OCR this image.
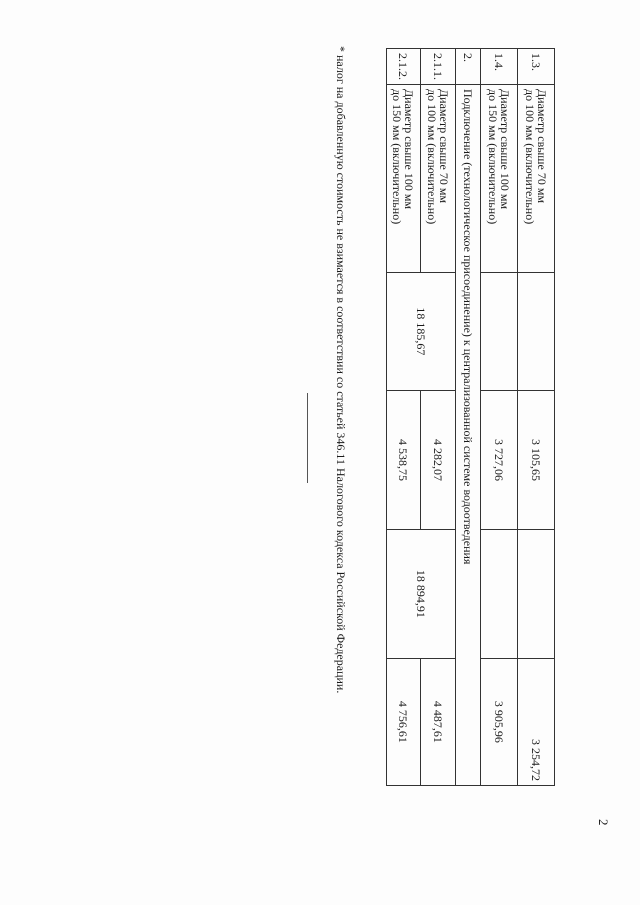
2
1.3.	Диаметр свыше 70 мм
до 100 мм (включительно)		3 105,65		3 254,72
1.4.	Диаметр свыше 100 мм
до 150 мм (включительно)		3 727,06		3 905,96
2.	Подключение (технологическое присоединение) к централизованной системе водоотведения				
2.1.1.	Диаметр свыше 70 мм
до 100 мм (включительно)	18 185,67	4 282,07	18 894,91	4 487,61
2.1.2.	Диаметр свыше 100 мм
до 150 мм (включительно)		4 538,75		4 756,61
* налог на добавленную стоимость не взимается в соответствии со статьей 346.11 Налогового кодекса Российской Федерации.
